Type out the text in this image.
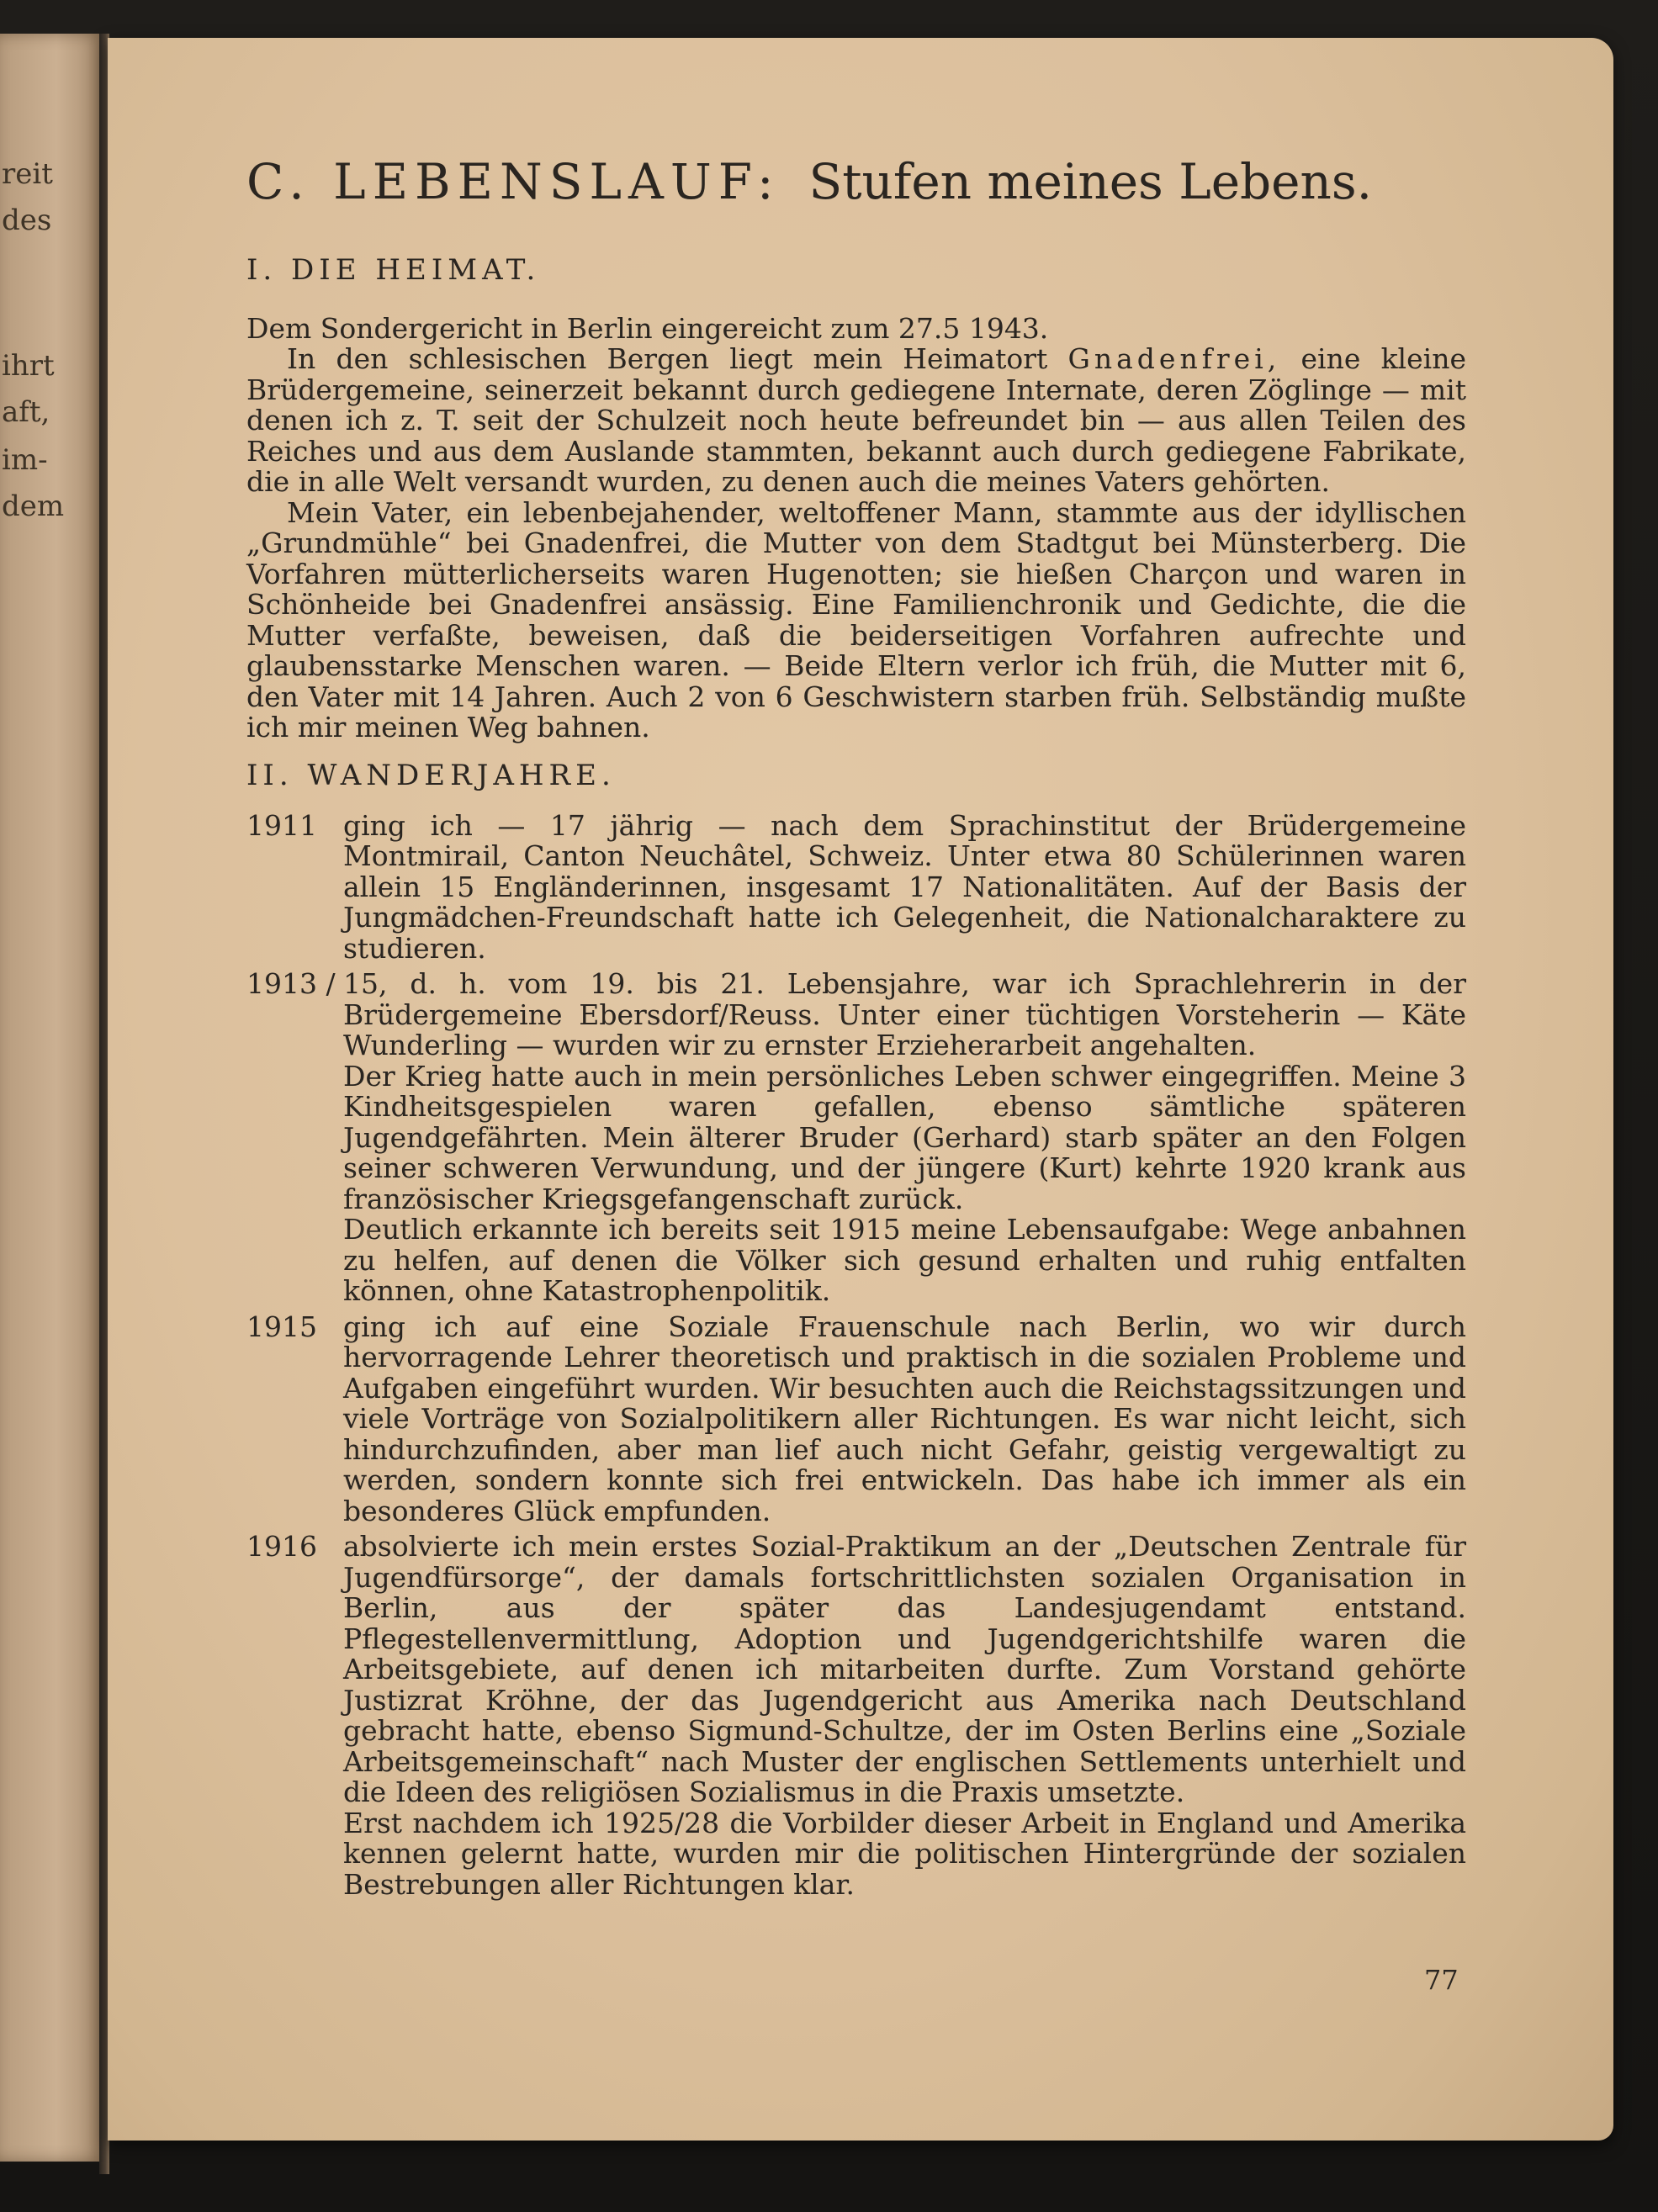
reit
des
ihrt
aft,
im-
dem
C. LEBENSLAUF: Stufen meines Lebens.
I. DIE HEIMAT.

Dem Sondergericht in Berlin eingereicht zum 27.5 1943.

In den schlesischen Bergen liegt mein Heimatort Gnadenfrei, eine kleine Brüdergemeine, seinerzeit bekannt durch gediegene Internate, deren Zöglinge — mit denen ich z. T. seit der Schulzeit noch heute befreundet bin — aus allen Teilen des Reiches und aus dem Auslande stammten, bekannt auch durch gediegene Fabrikate, die in alle Welt versandt wurden, zu denen auch die meines Vaters gehörten.

Mein Vater, ein lebenbejahender, weltoffener Mann, stammte aus der idyllischen „Grundmühle“ bei Gnadenfrei, die Mutter von dem Stadtgut bei Münsterberg. Die Vorfahren mütterlicherseits waren Hugenotten; sie hießen Charçon und waren in Schönheide bei Gnadenfrei ansässig. Eine Familienchronik und Gedichte, die die Mutter verfaßte, beweisen, daß die beiderseitigen Vorfahren aufrechte und glaubensstarke Menschen waren. — Beide Eltern verlor ich früh, die Mutter mit 6, den Vater mit 14 Jahren. Auch 2 von 6 Geschwistern starben früh. Selbständig mußte ich mir meinen Weg bahnen.

II. WANDERJAHRE.
1911 ging ich — 17 jährig — nach dem Sprachinstitut der Brüdergemeine Montmirail, Canton Neuchâtel, Schweiz. Unter etwa 80 Schülerinnen waren allein 15 Engländerinnen, insgesamt 17 Nationalitäten. Auf der Basis der Jungmädchen-Freundschaft hatte ich Gelegenheit, die Nationalcharaktere zu studieren.

1913 / 15, d. h. vom 19. bis 21. Lebensjahre, war ich Sprachlehrerin in der Brüdergemeine Ebersdorf/Reuss. Unter einer tüchtigen Vorsteherin — Käte Wunderling — wurden wir zu ernster Erzieherarbeit angehalten.

Der Krieg hatte auch in mein persönliches Leben schwer eingegriffen. Meine 3 Kindheitsgespielen waren gefallen, ebenso sämtliche späteren Jugendgefährten. Mein älterer Bruder (Gerhard) starb später an den Folgen seiner schweren Verwundung, und der jüngere (Kurt) kehrte 1920 krank aus französischer Kriegsgefangenschaft zurück.

Deutlich erkannte ich bereits seit 1915 meine Lebensaufgabe: Wege anbahnen zu helfen, auf denen die Völker sich gesund erhalten und ruhig entfalten können, ohne Katastrophenpolitik.

1915 ging ich auf eine Soziale Frauenschule nach Berlin, wo wir durch hervorragende Lehrer theoretisch und praktisch in die sozialen Probleme und Aufgaben eingeführt wurden. Wir besuchten auch die Reichstagssitzungen und viele Vorträge von Sozialpolitikern aller Richtungen. Es war nicht leicht, sich hindurchzufinden, aber man lief auch nicht Gefahr, geistig vergewaltigt zu werden, sondern konnte sich frei entwickeln. Das habe ich immer als ein besonderes Glück empfunden.

1916 absolvierte ich mein erstes Sozial-Praktikum an der „Deutschen Zentrale für Jugendfürsorge“, der damals fortschrittlichsten sozialen Organisation in Berlin, aus der später das Landesjugendamt entstand. Pflegestellenvermittlung, Adoption und Jugendgerichtshilfe waren die Arbeitsgebiete, auf denen ich mitarbeiten durfte. Zum Vorstand gehörte Justizrat Kröhne, der das Jugendgericht aus Amerika nach Deutschland gebracht hatte, ebenso Sigmund-Schultze, der im Osten Berlins eine „Soziale Arbeitsgemeinschaft“ nach Muster der englischen Settlements unterhielt und die Ideen des religiösen Sozialismus in die Praxis umsetzte.

Erst nachdem ich 1925/28 die Vorbilder dieser Arbeit in England und Amerika kennen gelernt hatte, wurden mir die politischen Hintergründe der sozialen Bestrebungen aller Richtungen klar.

77
